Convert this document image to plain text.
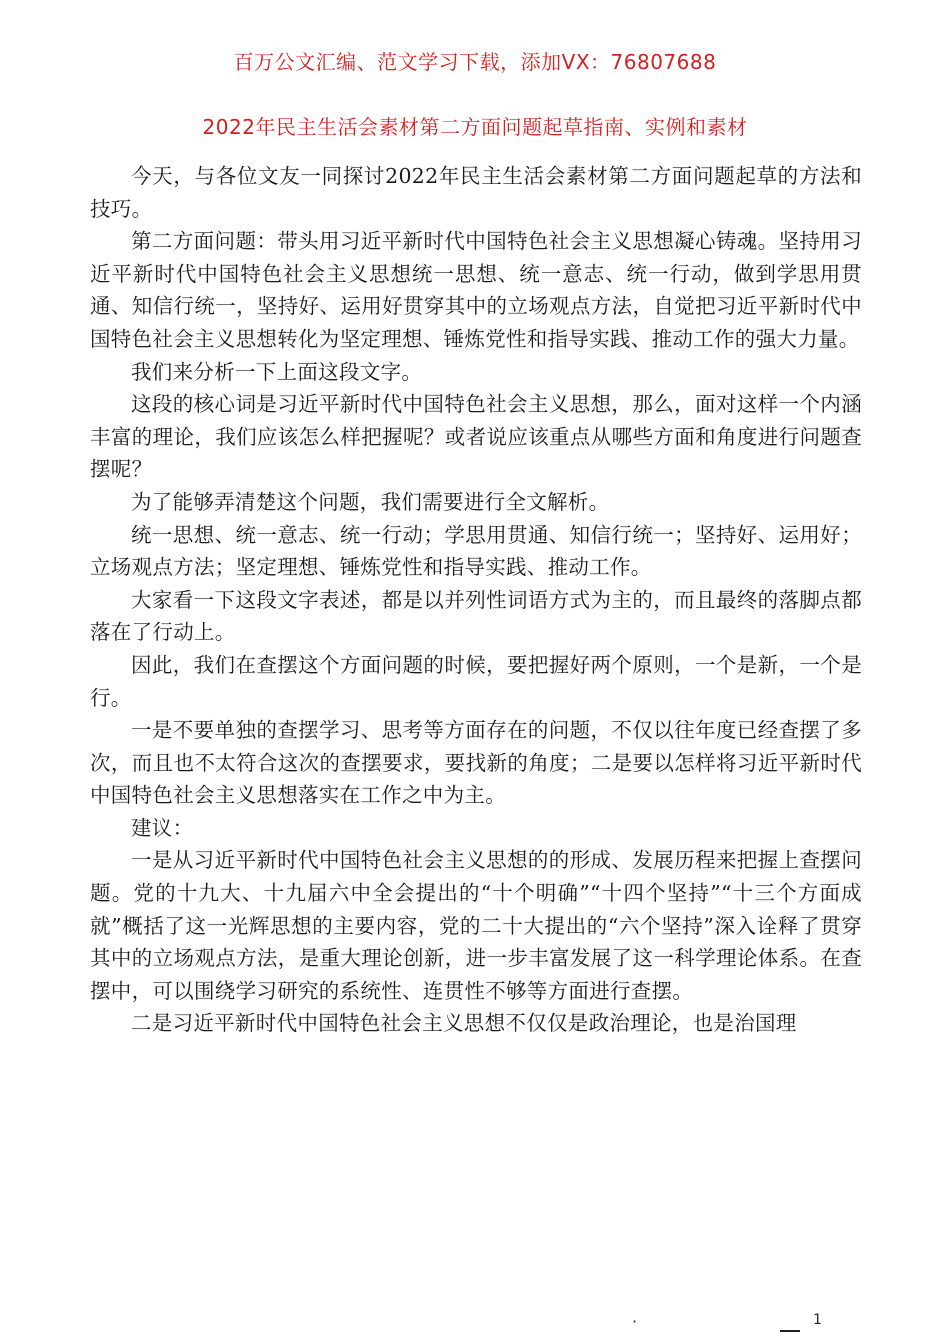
百万公文汇编、范文学习下载，添加VX：76807688
2022年民主生活会素材第二方面问题起草指南、实例和素材

今天，与各位文友一同探讨2022年民主生活会素材第二方面问题起草的方法和技巧。

第二方面问题：带头用习近平新时代中国特色社会主义思想凝心铸魂。坚持用习近平新时代中国特色社会主义思想统一思想、统一意志、统一行动，做到学思用贯通、知信行统一，坚持好、运用好贯穿其中的立场观点方法，自觉把习近平新时代中国特色社会主义思想转化为坚定理想、锤炼党性和指导实践、推动工作的强大力量。

我们来分析一下上面这段文字。

这段的核心词是习近平新时代中国特色社会主义思想，那么，面对这样一个内涵丰富的理论，我们应该怎么样把握呢？或者说应该重点从哪些方面和角度进行问题查摆呢？

为了能够弄清楚这个问题，我们需要进行全文解析。

统一思想、统一意志、统一行动；学思用贯通、知信行统一；坚持好、运用好；立场观点方法；坚定理想、锤炼党性和指导实践、推动工作。

大家看一下这段文字表述，都是以并列性词语方式为主的，而且最终的落脚点都落在了行动上。

因此，我们在查摆这个方面问题的时候，要把握好两个原则，一个是新，一个是行。

一是不要单独的查摆学习、思考等方面存在的问题，不仅以往年度已经查摆了多次，而且也不太符合这次的查摆要求，要找新的角度；二是要以怎样将习近平新时代中国特色社会主义思想落实在工作之中为主。

建议：

一是从习近平新时代中国特色社会主义思想的的形成、发展历程来把握上查摆问题。党的十九大、十九届六中全会提出的“十个明确”“十四个坚持”“十三个方面成就”概括了这一光辉思想的主要内容，党的二十大提出的“六个坚持”深入诠释了贯穿其中的立场观点方法，是重大理论创新，进一步丰富发展了这一科学理论体系。在查摆中，可以围绕学习研究的系统性、连贯性不够等方面进行查摆。

二是习近平新时代中国特色社会主义思想不仅仅是政治理论，也是治国理

·	1
